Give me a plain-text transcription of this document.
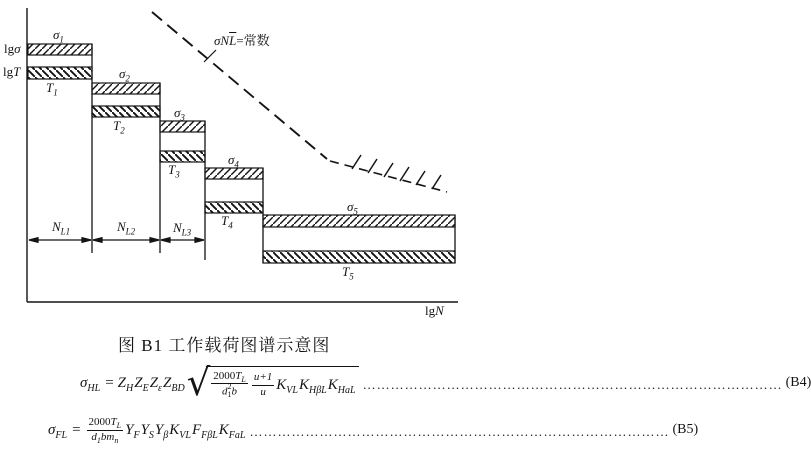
lgσ
lgT
lgN
$\sigma N\overline{L}=$常数
$\sigma_1$
$\sigma_2$
$\sigma_3$
$\sigma_4$
$\sigma_5$
$T_1$
$T_2$
$T_3$
$T_4$
$T_5$
$N_{L1}$	$N_{L2}$	$N_{L3}$
图 B1 工作载荷图谱示意图
$\sigma_{HL} = Z_H$ $Z_E$ $Z_\varepsilon$ $Z_{BD}$ √ $2000T_L$
d 2
1 b $\frac{u+1}{u} K_{VL}$ $K_{H\beta L}$ $K_{HaL}$ ……………………………………………………………………………… (B4)
$\sigma_{FL} = \frac{2000T_L}{d_1bm_n} Y_F$ $Y_S$ $Y_\beta$ $K_{VL}$ $F_{F\beta L}$ $K_{FaL}$ ……………………………………………………………………………… (B5)
